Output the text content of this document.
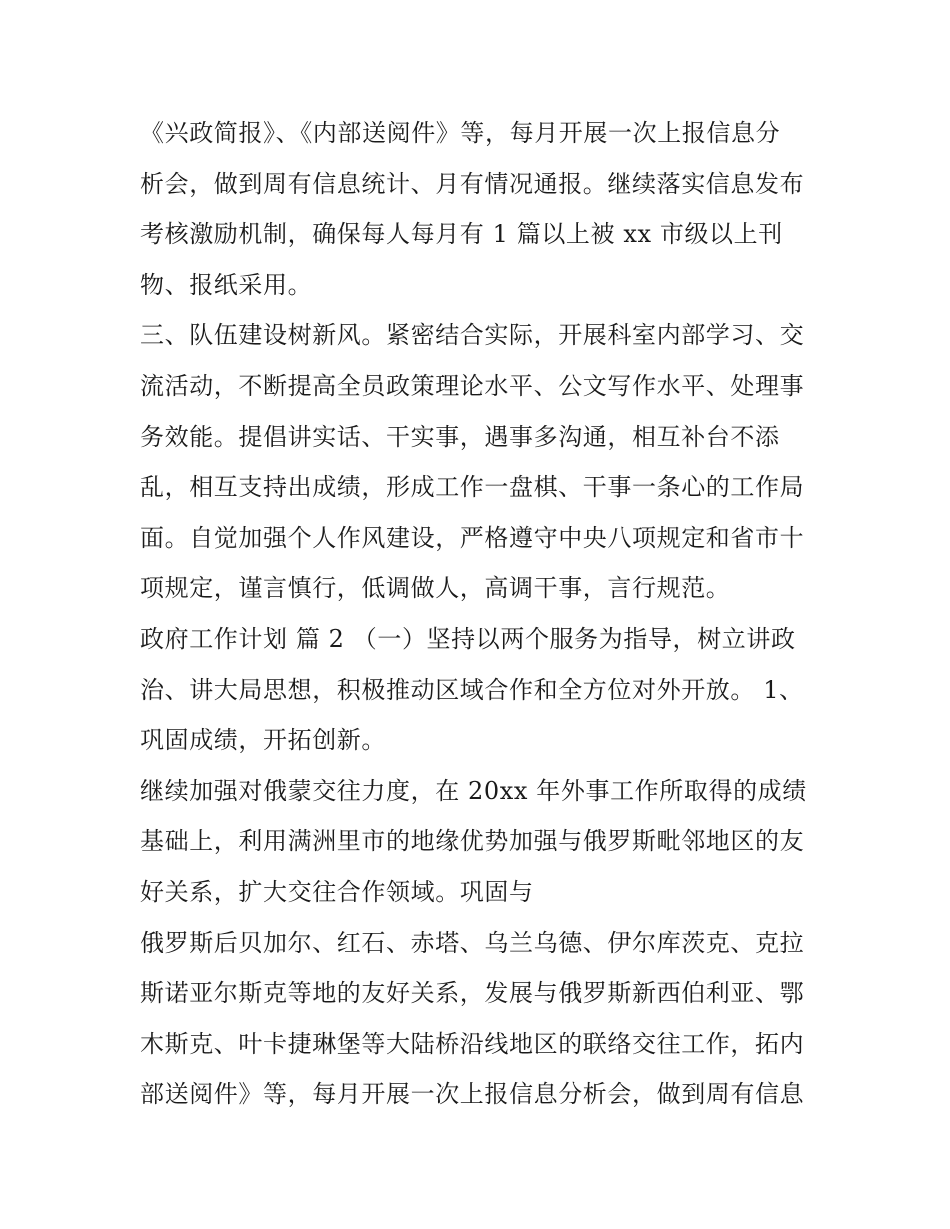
《兴政简报》、《内部送阅件》等，每月开展一次上报信息分
析会，做到周有信息统计、月有情况通报。继续落实信息发布
考核激励机制，确保每人每月有 1 篇以上被 xx 市级以上刊
物、报纸采用。
三、队伍建设树新风。紧密结合实际，开展科室内部学习、交
流活动，不断提高全员政策理论水平、公文写作水平、处理事
务效能。提倡讲实话、干实事，遇事多沟通，相互补台不添
乱，相互支持出成绩，形成工作一盘棋、干事一条心的工作局
面。自觉加强个人作风建设，严格遵守中央八项规定和省市十
项规定，谨言慎行，低调做人，高调干事，言行规范。
政府工作计划 篇 2 （一）坚持以两个服务为指导，树立讲政
治、讲大局思想，积极推动区域合作和全方位对外开放。 1、
巩固成绩，开拓创新。
继续加强对俄蒙交往力度，在 20xx 年外事工作所取得的成绩
基础上，利用满洲里市的地缘优势加强与俄罗斯毗邻地区的友
好关系，扩大交往合作领域。巩固与
俄罗斯后贝加尔、红石、赤塔、乌兰乌德、伊尔库茨克、克拉
斯诺亚尔斯克等地的友好关系，发展与俄罗斯新西伯利亚、鄂
木斯克、叶卡捷琳堡等大陆桥沿线地区的联络交往工作，拓内
部送阅件》等，每月开展一次上报信息分析会，做到周有信息
